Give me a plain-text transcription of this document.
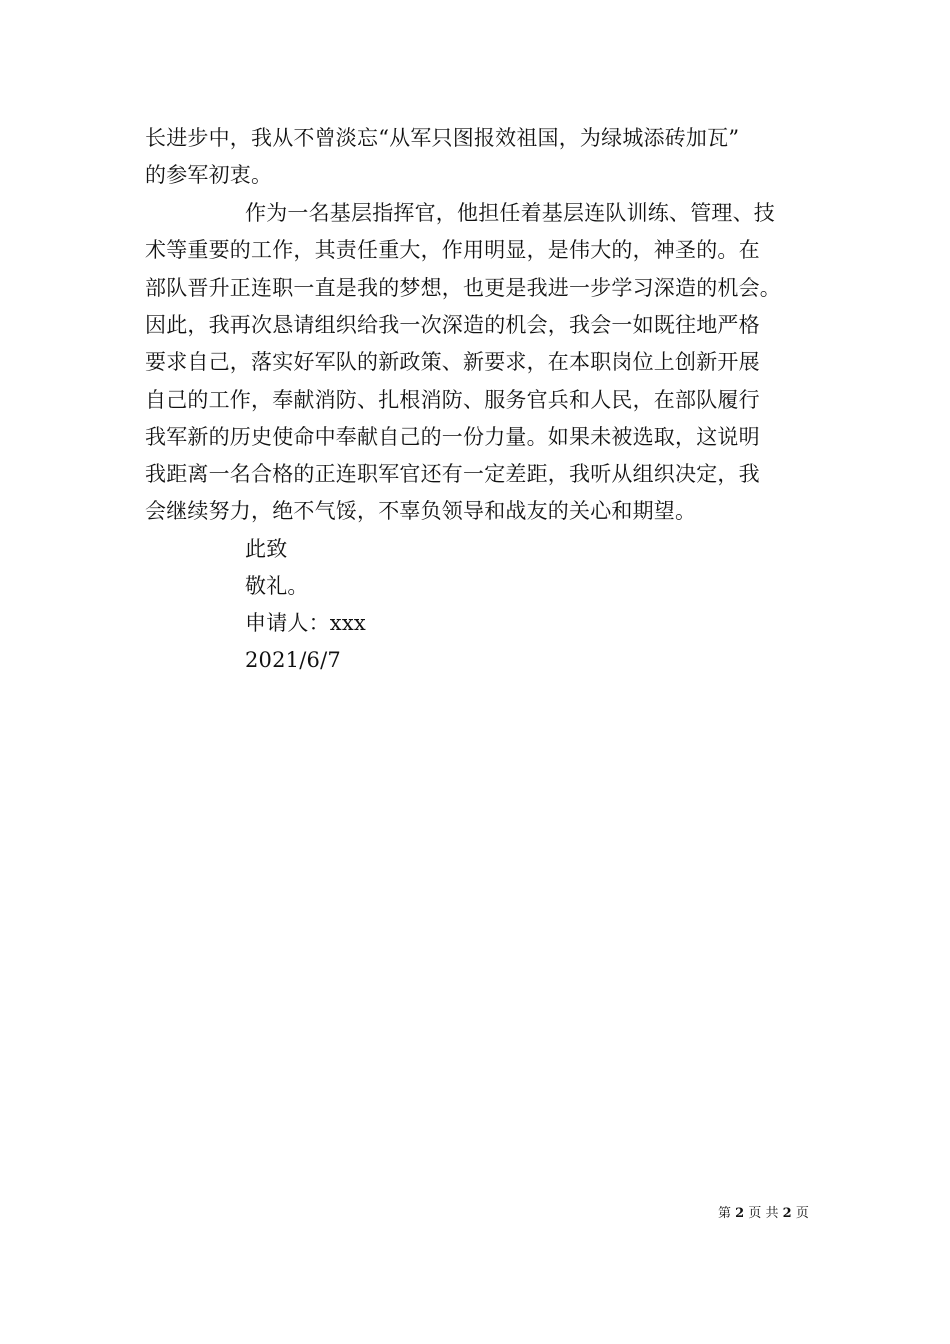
长进步中，我从不曾淡忘“从军只图报效祖国，为绿城添砖加瓦”
的参军初衷。
作为一名基层指挥官，他担任着基层连队训练、管理、技
术等重要的工作，其责任重大，作用明显，是伟大的，神圣的。在
部队晋升正连职一直是我的梦想，也更是我进一步学习深造的机会。
因此，我再次恳请组织给我一次深造的机会，我会一如既往地严格
要求自己，落实好军队的新政策、新要求，在本职岗位上创新开展
自己的工作，奉献消防、扎根消防、服务官兵和人民，在部队履行
我军新的历史使命中奉献自己的一份力量。如果未被选取，这说明
我距离一名合格的正连职军官还有一定差距，我听从组织决定，我
会继续努力，绝不气馁，不辜负领导和战友的关心和期望。
此致
敬礼。
申请人：xxx
2021/6/7
第 2 页 共 2 页
